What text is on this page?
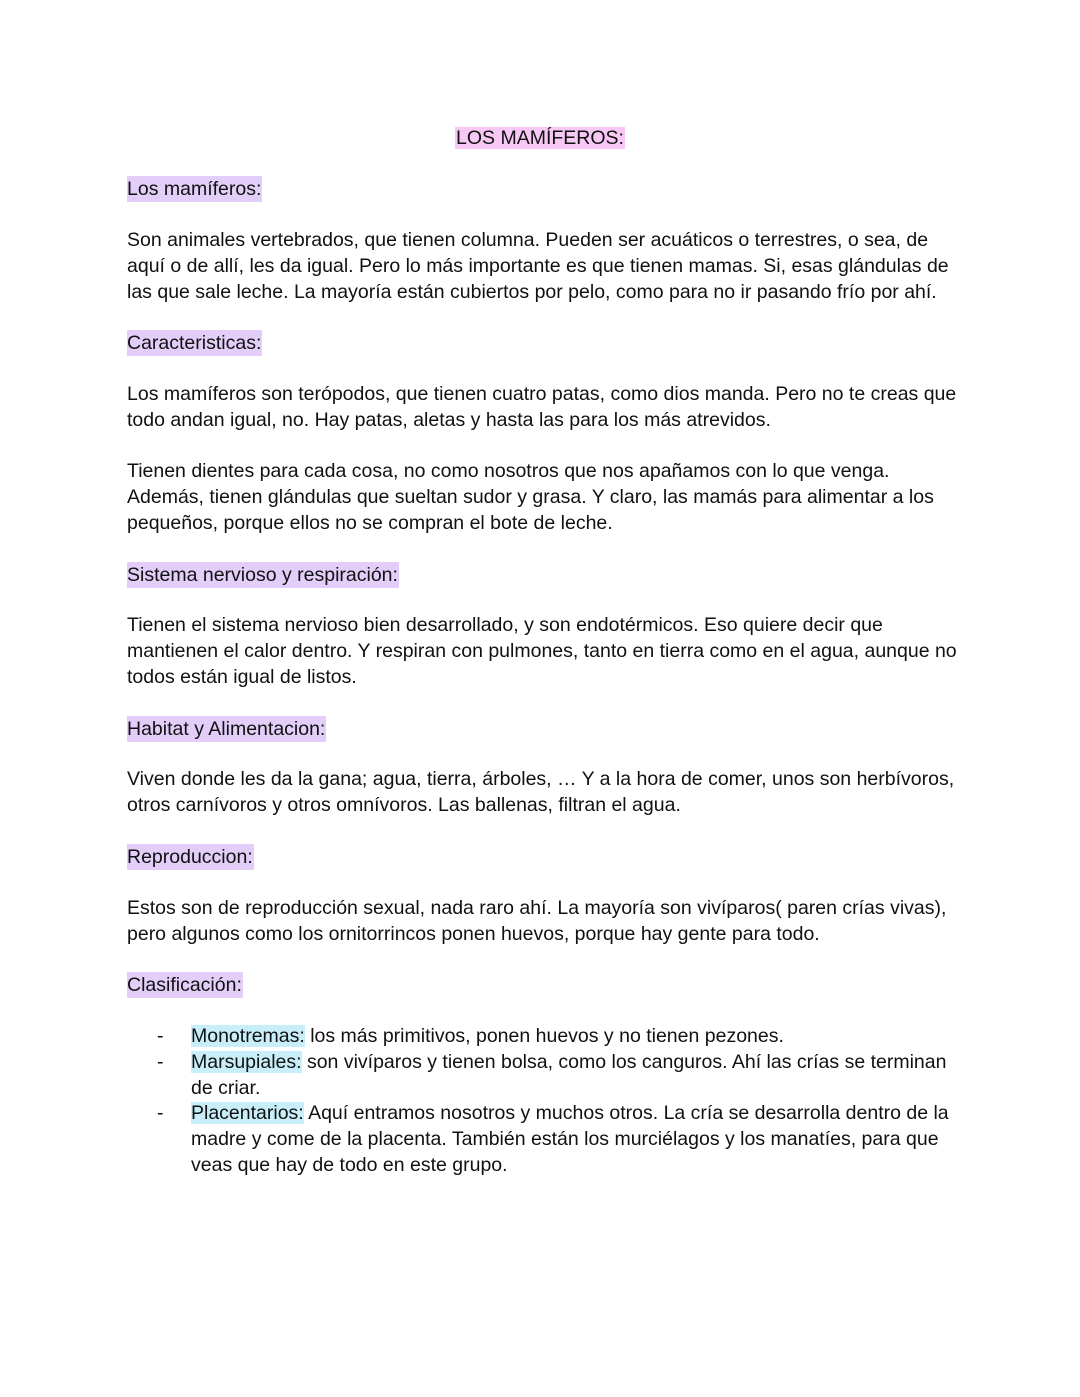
LOS MAMÍFEROS:
Los mamíferos:

Son animales vertebrados, que tienen columna. Pueden ser acuáticos o terrestres, o sea, de aquí o de allí, les da igual. Pero lo más importante es que tienen mamas. Si, esas glándulas de las que sale leche. La mayoría están cubiertos por pelo, como para no ir pasando frío por ahí.

Caracteristicas:

Los mamíferos son terópodos, que tienen cuatro patas, como dios manda. Pero no te creas que todo andan igual, no. Hay patas, aletas y hasta las para los más atrevidos.

Tienen dientes para cada cosa, no como nosotros que nos apañamos con lo que venga. Además, tienen glándulas que sueltan sudor y grasa. Y claro, las mamás para alimentar a los pequeños, porque ellos no se compran el bote de leche.

Sistema nervioso y respiración:

Tienen el sistema nervioso bien desarrollado, y son endotérmicos. Eso quiere decir que mantienen el calor dentro. Y respiran con pulmones, tanto en tierra como en el agua, aunque no todos están igual de listos.

Habitat y Alimentacion:

Viven donde les da la gana; agua, tierra, árboles, … Y a la hora de comer, unos son herbívoros, otros carnívoros y otros omnívoros. Las ballenas, filtran el agua.

Reproduccion:

Estos son de reproducción sexual, nada raro ahí. La mayoría son vivíparos( paren crías vivas), pero algunos como los ornitorrincos ponen huevos, porque hay gente para todo.

Clasificación:
- Monotremas: los más primitivos, ponen huevos y no tienen pezones.
- Marsupiales: son vivíparos y tienen bolsa, como los canguros. Ahí las crías se terminan de criar.
- Placentarios: Aquí entramos nosotros y muchos otros. La cría se desarrolla dentro de la madre y come de la placenta. También están los murciélagos y los manatíes, para que veas que hay de todo en este grupo.
